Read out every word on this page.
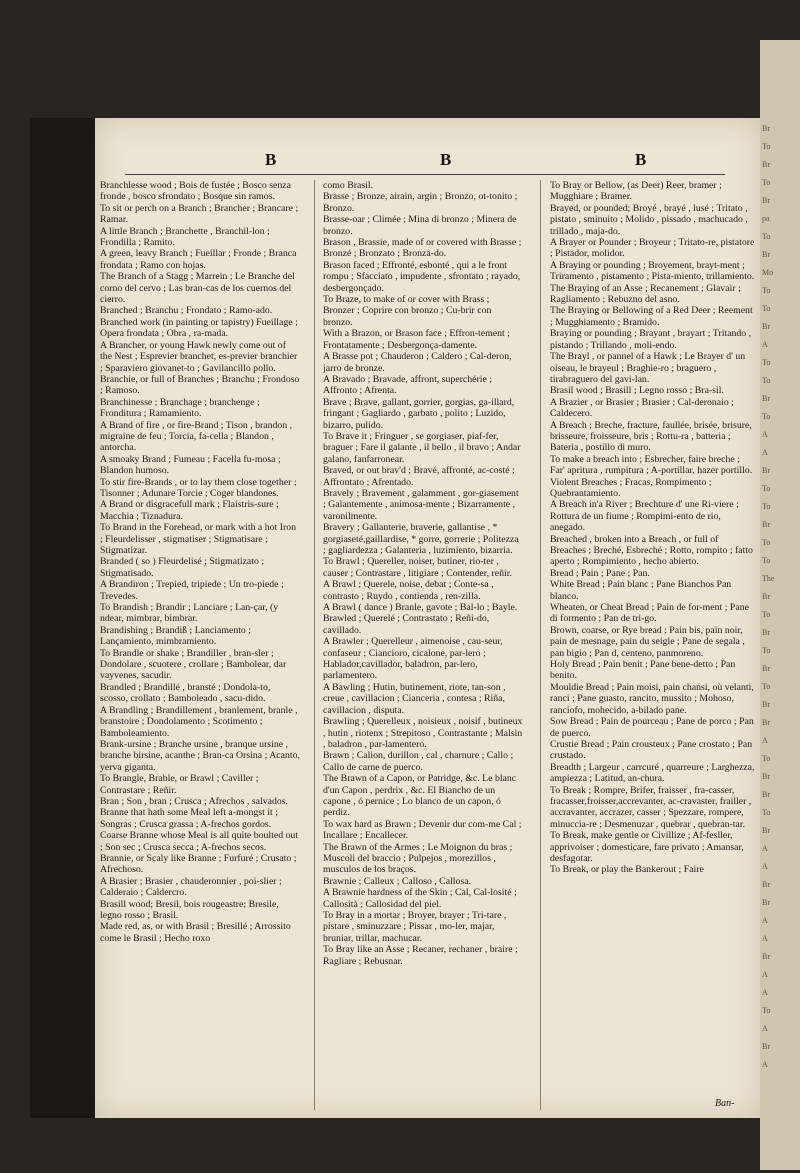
Br
To
Br
To
Br
pa
To
Br
Mo
To
To
Br
A
To
To
Br
To
A
A
Br
To
To
Br
To
To
The
Br
To
Br
To
Br
To
Br
Br
A
To
Br
Br
To
Br
A
A
Br
Br
A
A
Br
A
A
To
A
Br
A
B	B	B
Branchlesse wood ; Bois de fustée ; Bosco senza fronde , bosco sfrondato ; Bosque sin ramos.
To sit or perch on a Branch ; Brancher ; Brancare ; Ramar.
A little Branch ; Branchette , Branchil-lon ; Frondilla ; Ramito.
A green, leavy Branch ; Fueillar ; Fronde ; Branca frondata ; Ramo con hojas.
The Branch of a Stagg ; Marrein ; Le Branche del corno del cervo ; Las bran-cas de los cuernos del cierro.
Branched ; Branchu ; Frondato ; Ramo-ado.
Branched work (in painting or tapistry) Fueillage ; Opera frondata ; Obra , ra-mada.
A Brancher, or young Hawk newly come out of the Nest ; Esprevier branchet, es-previer branchier ; Sparaviero giovanet-to ; Gavilancillo pollo.
Branchie, or full of Branches ; Branchu ; Frondoso ; Ramoso.
Branchinesse ; Branchage ; branchenge ; Fronditura ; Ramamiento.
A Brand of fire , or fire-Brand ; Tison , brandon , migraine de feu ; Torcia, fa-cella ; Blandon , antorcha.
A smoaky Brand ; Fumeau ; Facella fu-mosa ; Blandon humoso.
To stir fire-Brands , or to lay them close together ; Tisonner ; Adunare Torcie ; Coger blandones.
A Brand or disgracefull mark ; Flaistris-sure ; Macchia ; Tiznadura.
To Brand in the Forehead, or mark with a hot Iron ; Fleurdelisser , stigmatiser ; Stigmatisare ; Stigmatizar.
Branded ( so ) Fleurdelisé ; Stigmatizato ; Stigmatisado.
A Brandiron ; Trepied, tripiede ; Un tro-piede ; Trevedes.
To Brandish ; Brandir ; Lanciare ; Lan-çar, (y ndear, mimbrar, bimbrar.
Brandishing ; Brandiß ; Lanciamento ; Lançamiento, mimbramiento.
To Brandle or shake ; Brandiller , bran-sler ; Dondolare , scuotere , crollare ; Bambolear, dar vayvenes, sacudir.
Brandled ; Brandillé , bransté ; Dondola-to, scosso, crollato ; Bamboleado , sacu-dido.
A Brandling ; Brandillement , branlement, branle , branstoire ; Dondolamento ; Scotimento ; Bamboleamiento.
Brank-ursine ; Branche ursine , branque ursine , branche birsine, acanthe ; Bran-ca Orsina ; Acanto, yerva giganta.
To Brangle, Brable, or Brawl ; Caviller ; Contrastare ; Reñir.
Bran ; Son , bran ; Crusca ; Afrechos , salvados.
Branne that hath some Meal left a-mongst it ; Songras ; Crusca grassa ; A-frechos gordos.
Coarse Branne whose Meal is all quite boulted out ; Son sec ; Crusca secca ; A-frechos secos.
Brannie, or Scaly like Branne ; Furfuré ; Crusato ; Afrechoso.
A Brasier ; Brasier , chauderonnier , poi-slier ; Calderaio ; Caldercro.
Brasill wood; Bresil, bois rougeastre; Bresile, legno rosso ; Brasil.
Made red, as, or with Brasil ; Bresillé ; Arrossito come le Brasil ; Hecho roxo
como Brasil.
Brasse ; Bronze, airain, argin ; Bronzo, ot-tonito ; Bronzo.
Brasse-oar ; Climée ; Mina di bronzo ; Minera de bronzo.
Brason , Brassie, made of or covered with Brasse ; Bronzé ; Bronzato ; Bronza-do.
Brason faced ; Effronté, esbonté , qui a le front rompu ; Sfacciato , impudente , sfrontato ; rayado, desbergonçado.
To Braze, to make of or cover with Brass ; Bronzer ; Coprire con bronzo ; Cu-brir con bronzo.
With a Brazon, or Brason face ; Effron-tement ; Frontatamente ; Desbergonça-damente.
A Brasse pot ; Chauderon ; Caldero ; Cal-deron, jarro de bronze.
A Bravado ; Bravade, affront, superchérie ; Affronto ; Afrenta.
Brave ; Brave, gallant, gorrier, gorgias, ga-illard, fringant ; Gagliardo , garbato , polito ; Luzido, bizarro, pulido.
To Brave it ; Fringuer , se gorgiaser, piaf-fer, braguer ; Fare il galante , il bello , il bravo ; Andar galano, fanfarronear.
Braved, or out brav'd ; Bravé, affronté, ac-costé ; Affrontato ; Afrentado.
Bravely ; Bravement , galamment , gor-giasement ; Galantemente , animosa-mente ; Bizarramente , varonilmente.
Bravery ; Gallanterie, braverie, gallantise , * gorgiaseté,gaillardise, * gorre, gorrerie ; Politezza ; gagliardezza ; Galanteria , luzimiento, bizarria.
To Brawl ; Quereller, noiser, butiner, rio-ter , causer ; Contrastare , litigiare ; Contender, reñir.
A Brawl ; Querele, noise, debat ; Conte-sa , contrasto ; Ruydo , contienda , ren-zilla.
A Brawl ( dance ) Branle, gavote ; Bal-lo ; Bayle.
Brawled ; Querelé ; Contrastato ; Reñi-do, cavillado.
A Brawler ; Querelleur , aimenoise , cau-seur, confaseur ; Ciancioro, cicalone, par-lero ; Hablador,cavillador, baladron, par-lero, parlamentero.
A Bawling ; Hutin, butinement, riote, tan-son , creue , cavillacion ; Cianceria , contesa ; Riña, cavillacion , disputa.
Brawling ; Querelleux , noisieux , noisif , butineux , hutin , riotenx ; Strepitoso , Contrastante ; Malsin , baladron , par-lamentero.
Brawn ; Calion, durillon , cal , charnure ; Callo ; Callo de carne de puerco.
The Brawn of a Capon, or Patridge, &c. Le blanc d'un Capon , perdrix , &c. El Biancho de un capone , ó pernice ; Lo blanco de un capon, ó perdiz.
To wax hard as Brawn ; Devenir dur com-me Cal ; Incallare ; Encallecer.
The Brawn of the Armes ; Le Moignon du bras ; Muscoli del braccio ; Pulpejos , morezillos , musculos de los braços.
Brawnie ; Calleux ; Calloso , Callosa.
A Brawnie hardness of the Skin ; Cal, Cal-losité ; Callosità ; Callosidad del piel.
To Bray in a mortar ; Broyer, brayer ; Tri-tare , pistare , sminuzzare ; Pissar , mo-ler, majar, bruniar, trillar, machucar.
To Bray like an Asse ; Recaner, rechaner , braire ; Ragliare ; Rebusnar.
To Bray or Bellow, (as Deer) Reer, bramer ; Mugghiare ; Bramer.
Brayed, or pounded; Broyé , brayé , lusé ; Tritato , pistato , sminuito ; Molido , pissado , machucado , trillado , maja-do.
A Brayer or Pounder ; Broyeur ; Tritato-re, pistatore ; Pistador, molidor.
A Braying or pounding ; Broyement, brayt-ment ; Triramento , pistamento ; Pista-miento, trillamiento.
The Braying of an Asse ; Recanement ; Glavair ; Ragliamento ; Rebuzno del asno.
The Braying or Bellowing of a Red Deer ; Reement ; Mugghiamento ; Bramido.
Braying or pounding ; Brayant , brayart ; Tritando , pistando ; Trillando , moli-endo.
The Brayl , or pannel of a Hawk ; Le Brayer d' un oiseau, le brayeul ; Braghie-ro ; braguero , tirabraguero del gavi-lan.
Brasil wood ; Brasill ; Legno rosso ; Bra-sil.
A Brazier , or Brasier ; Brasier ; Cal-deronaio ; Caldecero.
A Breach ; Breche, fracture, faullée, brisée, brisure, brisseure, froisseure, bris ; Rottu-ra , batteria ; Bateria , postillo di muro.
To make a breach into ; Esbrecher, faire breche ; Far' apritura , rumpitura ; A-portillar, hazer portillo.
Violent Breaches ; Fracas, Rompimento ; Quebrantamiento.
A Breach in'a River ; Brechture d' une Ri-viere ; Rottura de un fiume ; Rompimi-ento de rio, anegado.
Breached , broken into a Breach , or full of Breaches ; Breché, Esbreché ; Rotto, rompito ; fatto aperto ; Rompimiento , hecho abierto.
Bread ; Pain ; Pane ; Pan.
White Bread ; Pain blanc ; Pane Bianchos Pan blanco.
Wheaten, or Cheat Bread ; Pain de for-ment ; Pane di formento ; Pan de tri-go.
Brown, coarse, or Rye bread ; Pain bis, pain noir, pain de mesnage, pain du seigle ; Pane de segala , pan bigio ; Pan d, centeno, panmoreno.
Holy Bread ; Pain benit ; Pane bene-detto ; Pan benito.
Mouldie Bread ; Pain moisi, pain chansi, où velanti, ranci ; Pane guasto, rancito, mussito ; Mohoso, ranciofo, mohecido, a-bilado pane.
Sow Bread ; Pain de pourceau ; Pane de porco ; Pan de puerco.
Crustie Bread ; Pain crousteux ; Pane crostato ; Pan crustado.
Breadth ; Largeur , carrcuré , quarreure ; Larghezza, ampiezza ; Latitud, an-chura.
To Break ; Rompre, Brifer, fraisser , fra-casser, fracasser,froisser,accrevanter, ac-cravaster, frailler , accravanter, accrazer, casser ; Spezzare, rompere, minuccia-re ; Desmenuzar , quebrar , quebran-tar.
To Break, make gentle or Civillize ; Af-fesller, apprivoiser ; domesticare, fare privato ; Amansar, desfagotar.
To Break, or play the Bankerout ; Faire
Ban-
